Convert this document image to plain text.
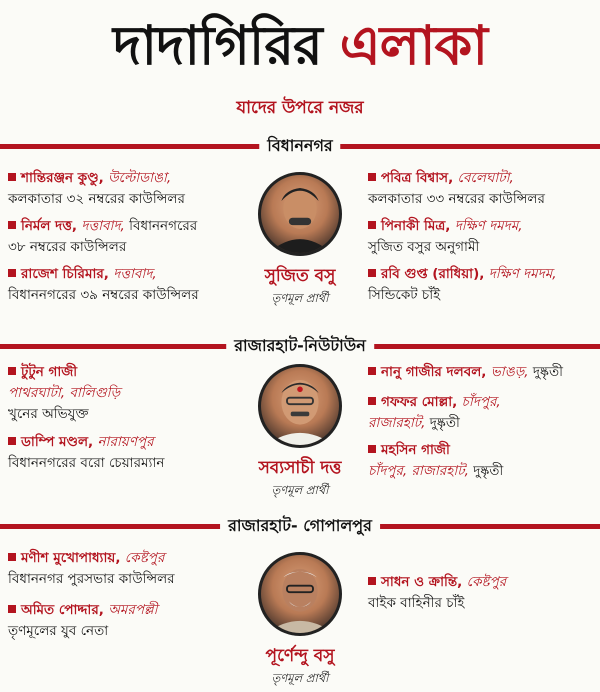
দাদাগিরির এলাকা
যাদের উপরে নজর
বিধাননগর
শান্তিরঞ্জন কুণ্ডু, উল্টোডাঙা,
কলকাতার ৩২ নম্বরের কাউন্সিলর
নির্মল দত্ত, দত্তাবাদ, বিধাননগরের
৩৮ নম্বরের কাউন্সিলর
রাজেশ চিরিমার, দত্তাবাদ,
বিধাননগরের ৩৯ নম্বরের কাউন্সিলর
সুজিত বসু
তৃণমূল প্রার্থী
পবিত্র বিশ্বাস, বেলেঘাটা,
কলকাতার ৩৩ নম্বরের কাউন্সিলর
পিনাকী মিত্র, দক্ষিণ দমদম,
সুজিত বসুর অনুগামী
রবি গুপ্ত (রাধিয়া), দক্ষিণ দমদম,
সিন্ডিকেট চাঁই
রাজারহাট-নিউটাউন
টুটুন গাজী
পাথরঘাটা, বালিগুড়ি
খুনের অভিযুক্ত
ডাম্পি মণ্ডল, নারায়ণপুর
বিধাননগরের বরো চেয়ারম্যান	সব্যসাচী দত্ত
তৃণমূল প্রার্থী
নানু গাজীর দলবল, ভাঙড়, দুষ্কৃতী
গফফর মোল্লা, চাঁদপুর,
রাজারহাট, দুষ্কৃতী
মহসিন গাজী
চাঁদপুর, রাজারহাট, দুষ্কৃতী
রাজারহাট- গোপালপুর
মণীশ মুখোপাধ্যায়, কেষ্টপুর
বিধাননগর পুরসভার কাউন্সিলর
অমিত পোদ্দার, অমরপল্লী
তৃণমূলের যুব নেতা
পূর্ণেন্দু বসু
তৃণমূল প্রার্থী
সাধন ও ক্রান্তি, কেষ্টপুর
বাইক বাহিনীর চাঁই
